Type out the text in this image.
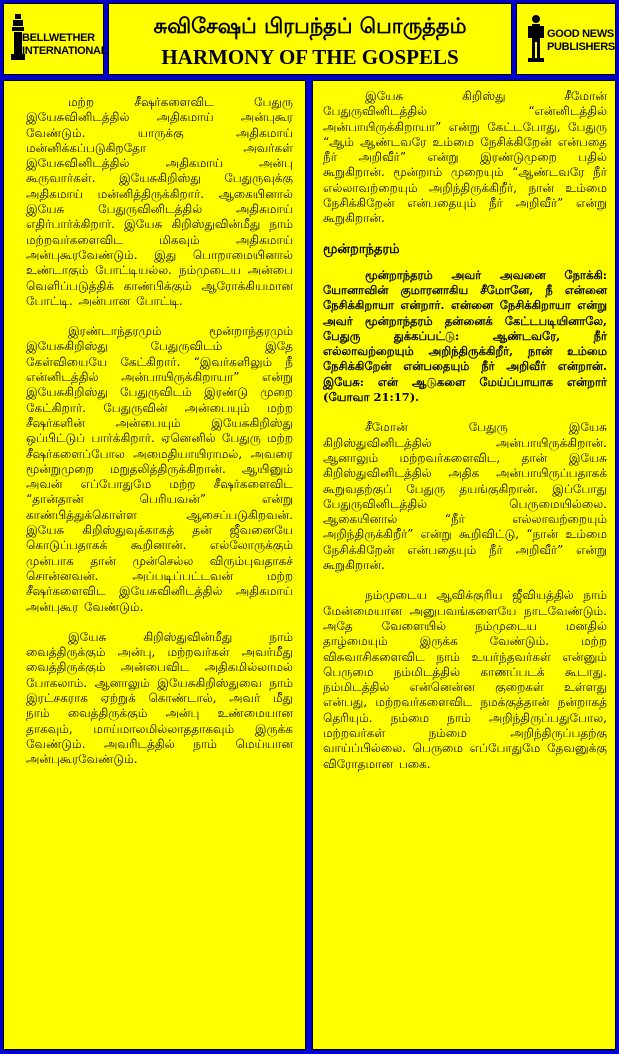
BELLWETHER
INTERNATIONAL
சுவிசேஷப் பிரபந்தப் பொருத்தம்
HARMONY OF THE GOSPELS
GOOD NEWS
PUBLISHERS

மற்ற சீஷர்களைவிட பேதுரு இயேசுவினிடத்தில் அதிகமாய் அன்புகூர வேண்டும். யாருக்கு அதிகமாய் மன்னிக்கப்படுகிறதோ அவர்கள் இயேசுவினிடத்தில் அதிகமாய் அன்பு கூருவார்கள். இயேசுகிறிஸ்து பேதுருவுக்கு அதிகமாய் மன்னித்திருக்கிறார். ஆகையினால் இயேசு பேதுருவினிடத்தில் அதிகமாய் எதிர்பார்க்கிறார். இயேசு கிறிஸ்துவின்மீது நாம் மற்றவர்களைவிட மிகவும் அதிகமாய் அன்புகூரவேண்டும். இது பொறாமையினால் உண்டாகும் போட்டியல்ல. நம்முடைய அன்பை வெளிப்படுத்திக் காண்பிக்கும் ஆரோக்கியமான போட்டி. அன்பான போட்டி.

இரண்டாந்தரமும் மூன்றாந்தரமும் இயேசுகிறிஸ்து பேதுருவிடம் இதே கேள்வியையே கேட்கிறார். “இவர்களிலும் நீ என்னிடத்தில் அன்பாயிருக்கிறாயா” என்று இயேசுகிறிஸ்து பேதுருவிடம் இரண்டு முறை கேட்கிறார். பேதுருவின் அன்பையும் மற்ற சீஷர்களின் அன்பையும் இயேசுகிறிஸ்து ஒப்பிட்டுப் பார்க்கிறார். ஏனெனில் பேதுரு மற்ற சீஷர்களைப்போல அமைதியாயிராமல், அவரை மூன்றுமுறை மறுதலித்திருக்கிறான். ஆயினும் அவன் எப்போதுமே மற்ற சீஷர்களைவிட “தான்தான் பெரியவன்” என்று காண்பித்துக்கொள்ள ஆசைப்படுகிறவன். இயேசு கிறிஸ்துவுக்காகத் தன் ஜீவனையே கொடுப்பதாகக் கூறினான். எல்லோருக்கும் முன்பாக தான் முன்செல்ல விரும்புவதாகச் சொன்னவன். அப்படிப்பட்டவன் மற்ற சீஷர்களைவிட இயேசுவினிடத்தில் அதிகமாய் அன்புகூர வேண்டும்.

இயேசு கிறிஸ்துவின்மீது நாம் வைத்திருக்கும் அன்பு, மற்றவர்கள் அவர்மீது வைத்திருக்கும் அன்பைவிட அதிகமில்லாமல் போகலாம். ஆனாலும் இயேசுகிறிஸ்துவை நாம் இரட்சகராக ஏற்றுக் கொண்டால், அவர் மீது நாம் வைத்திருக்கும் அன்பு உண்மையான தாகவும், மாய்மாலமில்லாததாகவும் இருக்க வேண்டும். அவரிடத்தில் நாம் மெய்யான அன்புகூரவேண்டும்.

இயேசு கிறிஸ்து சீமோன் பேதுருவினிடத்தில் “என்னிடத்தில் அன்பாயிருக்கிறாயா” என்று கேட்டபோது, பேதுரு “ஆம் ஆண்டவரே உம்மை நேசிக்கிறேன் என்பதை நீர் அறிவீர்” என்று இரண்டுமுறை பதில் கூறுகிறான். மூன்றாம் முறையும் “ஆண்டவரே நீர் எல்லாவற்றையும் அறிந்திருக்கிறீர், நான் உம்மை நேசிக்கிறேன் என்பதையும் நீர் அறிவீர்” என்று கூறுகிறான்.

மூன்றாந்தரம்

மூன்றாந்தரம் அவர் அவனை நோக்கி: யோனாவின் குமாரனாகிய சீமோனே, நீ என்னை நேசிக்கிறாயா என்றார். என்னை நேசிக்கிறாயா என்று அவர் மூன்றாந்தரம் தன்னைக் கேட்டபடியினாலே, பேதுரு துக்கப்பட்டு: ஆண்டவரே, நீர் எல்லாவற்றையும் அறிந்திருக்கிறீர், நான் உம்மை நேசிக்கிறேன் என்பதையும் நீர் அறிவீர் என்றான். இயேசு: என் ஆடுகளை மேய்ப்பாயாக என்றார் (யோவா 21:17).

சீமோன் பேதுரு இயேசு கிறிஸ்துவினிடத்தில் அன்பாயிருக்கிறான். ஆனாலும் மற்றவர்களைவிட, தான் இயேசு கிறிஸ்துவினிடத்தில் அதிக அன்பாயிருப்பதாகக் கூறுவதற்குப் பேதுரு தயங்குகிறான். இப்போது பேதுருவினிடத்தில் பெருமையில்லை. ஆகையினால் “நீர் எல்லாவற்றையும் அறிந்திருக்கிறீர்” என்று கூறிவிட்டு, “நான் உம்மை நேசிக்கிறேன் என்பதையும் நீர் அறிவீர்” என்று கூறுகிறான்.

நம்முடைய ஆவிக்குரிய ஜீவியத்தில் நாம் மேன்மையான அனுபவங்களையே நாடவேண்டும். அதே வேளையில் நம்முடைய மனதில் தாழ்மையும் இருக்க வேண்டும். மற்ற விசுவாசிகளைவிட நாம் உயர்ந்தவர்கள் என்னும் பெருமை நம்மிடத்தில் காணப்படக் கூடாது. நம்மிடத்தில் என்னென்ன குறைகள் உள்ளது என்பது, மற்றவர்களைவிட நமக்குத்தான் நன்றாகத் தெரியும். நம்மை நாம் அறிந்திருப்பதுபோல, மற்றவர்கள் நம்மை அறிந்திருப்பதற்கு வாய்ப்பில்லை. பெருமை எப்போதுமே தேவனுக்கு விரோதமான பகை.
